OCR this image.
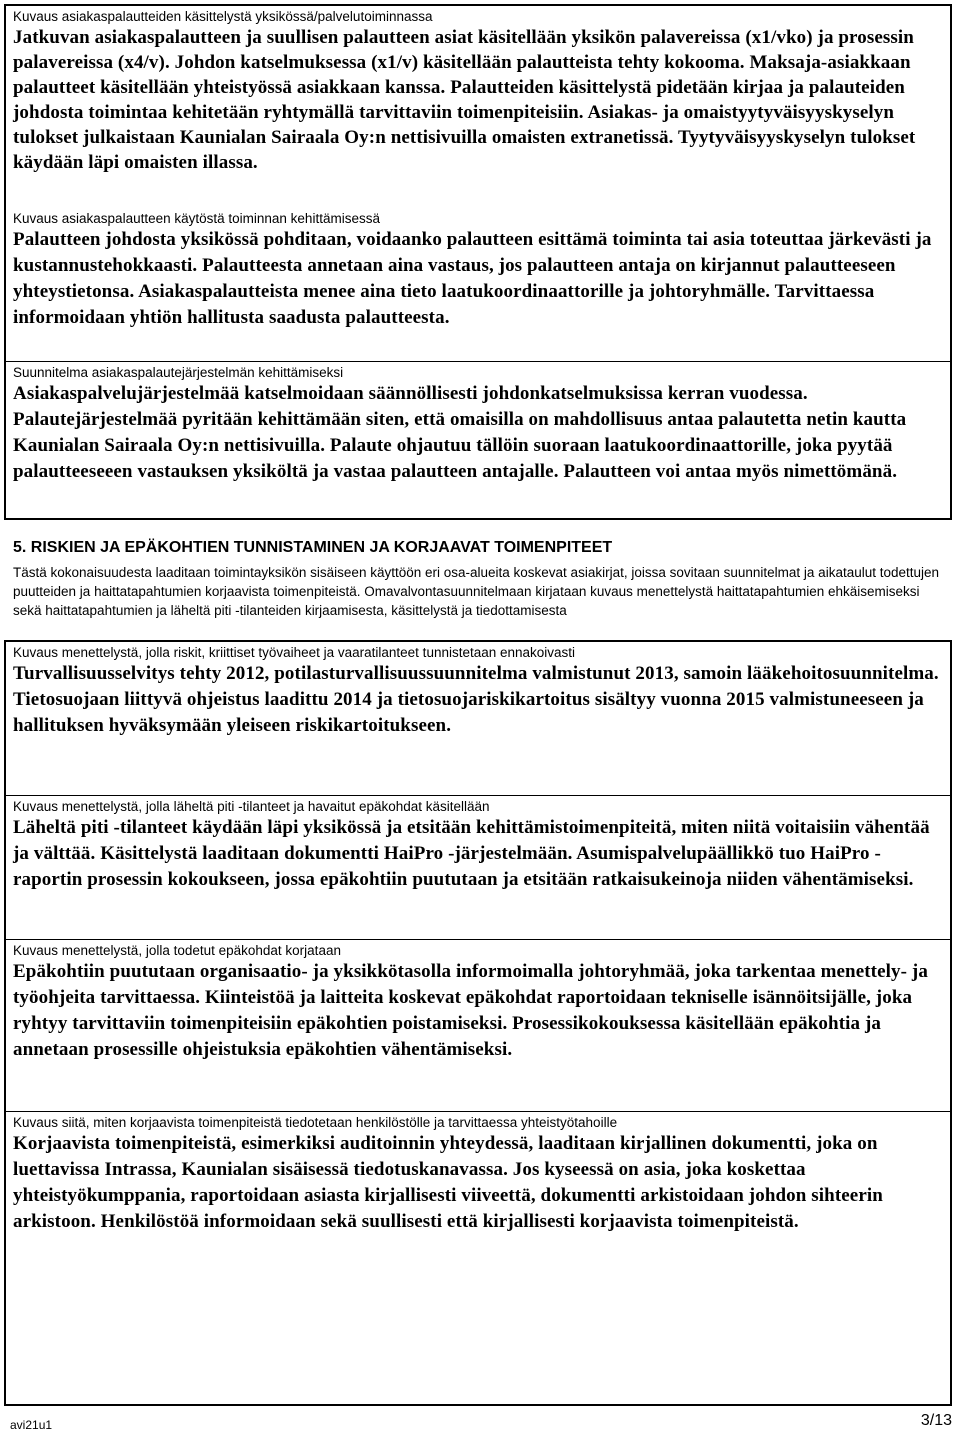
Kuvaus asiakaspalautteiden käsittelystä yksikössä/palvelutoiminnassa
Jatkuvan asiakaspalautteen ja suullisen palautteen asiat käsitellään yksikön palavereissa (x1/vko) ja prosessin palavereissa (x4/v). Johdon katselmuksessa (x1/v) käsitellään palautteista tehty kokooma. Maksaja-asiakkaan palautteet käsitellään yhteistyössä asiakkaan kanssa. Palautteiden käsittelystä pidetään kirjaa ja palauteiden johdosta toimintaa kehitetään ryhtymällä tarvittaviin toimenpiteisiin. Asiakas- ja omaistyytyväisyyskyselyn tulokset julkaistaan Kaunialan Sairaala Oy:n nettisivuilla omaisten extranetissä. Tyytyväisyyskyselyn tulokset käydään läpi omaisten illassa.
Kuvaus asiakaspalautteen käytöstä toiminnan kehittämisessä
Palautteen johdosta yksikössä pohditaan, voidaanko palautteen esittämä toiminta tai asia toteuttaa järkevästi ja kustannustehokkaasti. Palautteesta annetaan aina vastaus, jos palautteen antaja on kirjannut palautteeseen yhteystietonsa. Asiakaspalautteista menee aina tieto laatukoordinaattorille ja johtoryhmälle. Tarvittaessa informoidaan yhtiön hallitusta saadusta palautteesta.
Suunnitelma asiakaspalautejärjestelmän kehittämiseksi
Asiakaspalvelujärjestelmää katselmoidaan säännöllisesti johdonkatselmuksissa kerran vuodessa. Palautejärjestelmää pyritään kehittämään siten, että omaisilla on mahdollisuus antaa palautetta netin kautta Kaunialan Sairaala Oy:n nettisivuilla. Palaute ohjautuu tällöin suoraan laatukoordinaattorille, joka pyytää palautteeseeen vastauksen yksiköltä ja vastaa palautteen antajalle. Palautteen voi antaa myös nimettömänä.
5. RISKIEN JA EPÄKOHTIEN TUNNISTAMINEN JA KORJAAVAT TOIMENPITEET
Tästä kokonaisuudesta laaditaan toimintayksikön sisäiseen käyttöön eri osa-alueita koskevat asiakirjat, joissa sovitaan suunnitelmat ja aikataulut todettujen puutteiden ja haittatapahtumien korjaavista toimenpiteistä. Omavalvontasuunnitelmaan kirjataan kuvaus menettelystä haittatapahtumien ehkäisemiseksi sekä haittatapahtumien ja läheltä piti -tilanteiden kirjaamisesta, käsittelystä ja tiedottamisesta
Kuvaus menettelystä, jolla riskit, kriittiset työvaiheet ja vaaratilanteet tunnistetaan ennakoivasti
Turvallisuusselvitys tehty 2012, potilasturvallisuussuunnitelma valmistunut 2013, samoin lääkehoitosuunnitelma. Tietosuojaan liittyvä ohjeistus laadittu 2014 ja tietosuojariskikartoitus sisältyy vuonna 2015 valmistuneeseen ja hallituksen hyväksymään yleiseen riskikartoitukseen.
Kuvaus menettelystä, jolla läheltä piti -tilanteet ja havaitut epäkohdat käsitellään
Läheltä piti -tilanteet käydään läpi yksikössä ja etsitään kehittämistoimenpiteitä, miten niitä voitaisiin vähentää ja välttää. Käsittelystä laaditaan dokumentti HaiPro -järjestelmään. Asumispalvelupäällikkö tuo HaiPro -raportin prosessin kokoukseen, jossa epäkohtiin puututaan ja etsitään ratkaisukeinoja niiden vähentämiseksi.
Kuvaus menettelystä, jolla todetut epäkohdat korjataan
Epäkohtiin puututaan organisaatio- ja yksikkötasolla informoimalla johtoryhmää, joka tarkentaa menettely- ja työohjeita tarvittaessa. Kiinteistöä ja laitteita koskevat epäkohdat raportoidaan tekniselle isännöitsijälle, joka ryhtyy tarvittaviin toimenpiteisiin epäkohtien poistamiseksi. Prosessikokouksessa käsitellään epäkohtia ja annetaan prosessille ohjeistuksia epäkohtien vähentämiseksi.
Kuvaus siitä, miten korjaavista toimenpiteistä tiedotetaan henkilöstölle ja tarvittaessa yhteistyötahoille
Korjaavista toimenpiteistä, esimerkiksi auditoinnin yhteydessä, laaditaan kirjallinen dokumentti, joka on luettavissa Intrassa, Kaunialan sisäisessä tiedotuskanavassa. Jos kyseessä on asia, joka koskettaa yhteistyökumppania, raportoidaan asiasta kirjallisesti viiveettä, dokumentti arkistoidaan johdon sihteerin arkistoon. Henkilöstöä informoidaan sekä suullisesti että kirjallisesti korjaavista toimenpiteistä.
avi21u1	3/13
